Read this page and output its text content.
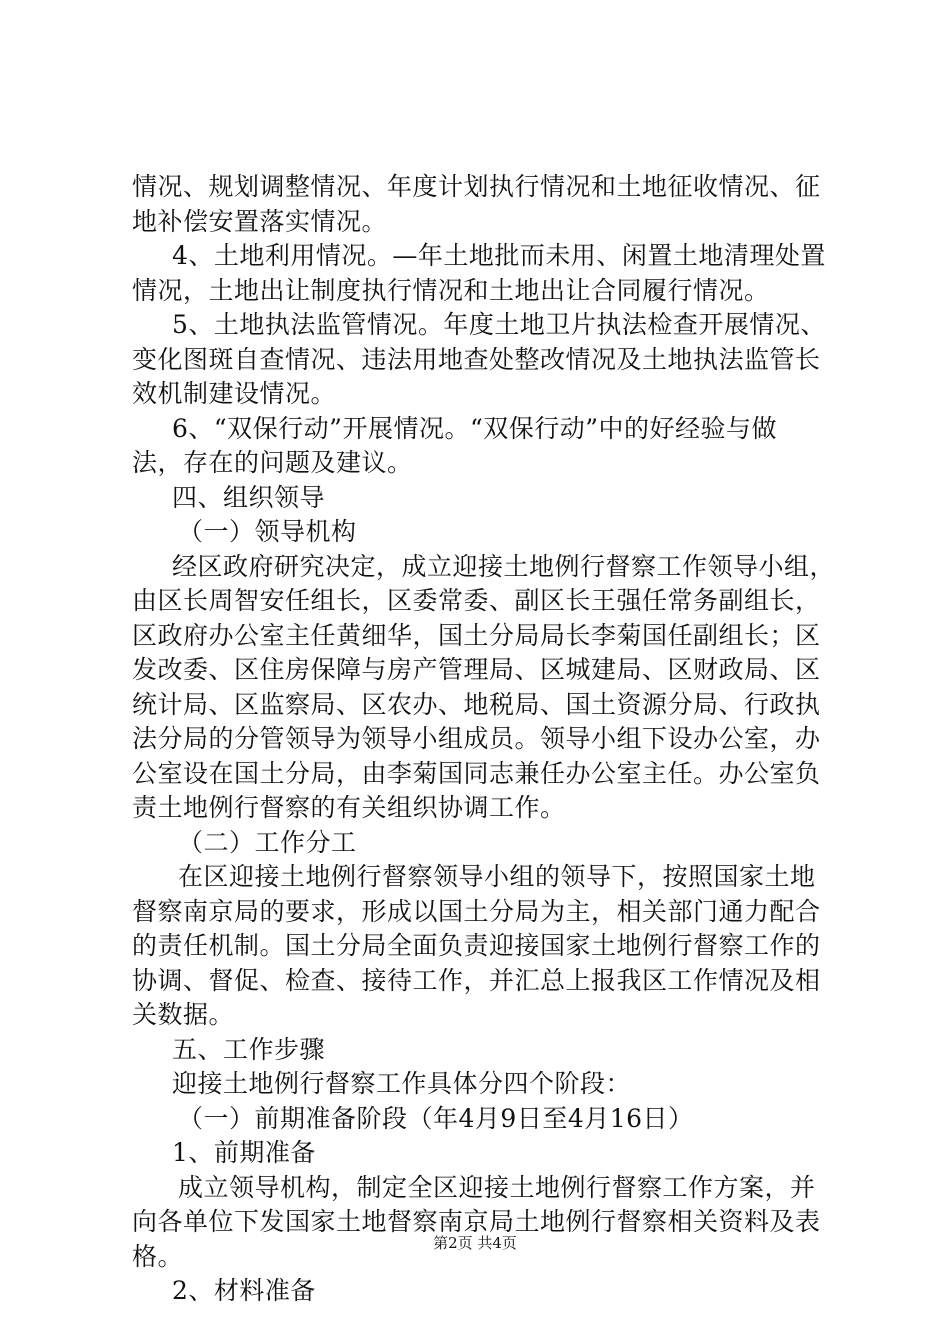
情况、规划调整情况、年度计划执行情况和土地征收情况、征
地补偿安置落实情况。
4、土地利用情况。—年土地批而未用、闲置土地清理处置
情况，土地出让制度执行情况和土地出让合同履行情况。
5、土地执法监管情况。年度土地卫片执法检查开展情况、
变化图斑自查情况、违法用地查处整改情况及土地执法监管长
效机制建设情况。
6、“双保行动”开展情况。“双保行动”中的好经验与做
法，存在的问题及建议。
四、组织领导
（一）领导机构
经区政府研究决定，成立迎接土地例行督察工作领导小组，
由区长周智安任组长，区委常委、副区长王强任常务副组长，
区政府办公室主任黄细华，国土分局局长李菊国任副组长；区
发改委、区住房保障与房产管理局、区城建局、区财政局、区
统计局、区监察局、区农办、地税局、国土资源分局、行政执
法分局的分管领导为领导小组成员。领导小组下设办公室，办
公室设在国土分局，由李菊国同志兼任办公室主任。办公室负
责土地例行督察的有关组织协调工作。
（二）工作分工
在区迎接土地例行督察领导小组的领导下，按照国家土地
督察南京局的要求，形成以国土分局为主，相关部门通力配合
的责任机制。国土分局全面负责迎接国家土地例行督察工作的
协调、督促、检查、接待工作，并汇总上报我区工作情况及相
关数据。
五、工作步骤
迎接土地例行督察工作具体分四个阶段：
（一）前期准备阶段（年4月9日至4月16日）
1、前期准备
成立领导机构，制定全区迎接土地例行督察工作方案，并
向各单位下发国家土地督察南京局土地例行督察相关资料及表
格。
2、材料准备
第2页 共4页
